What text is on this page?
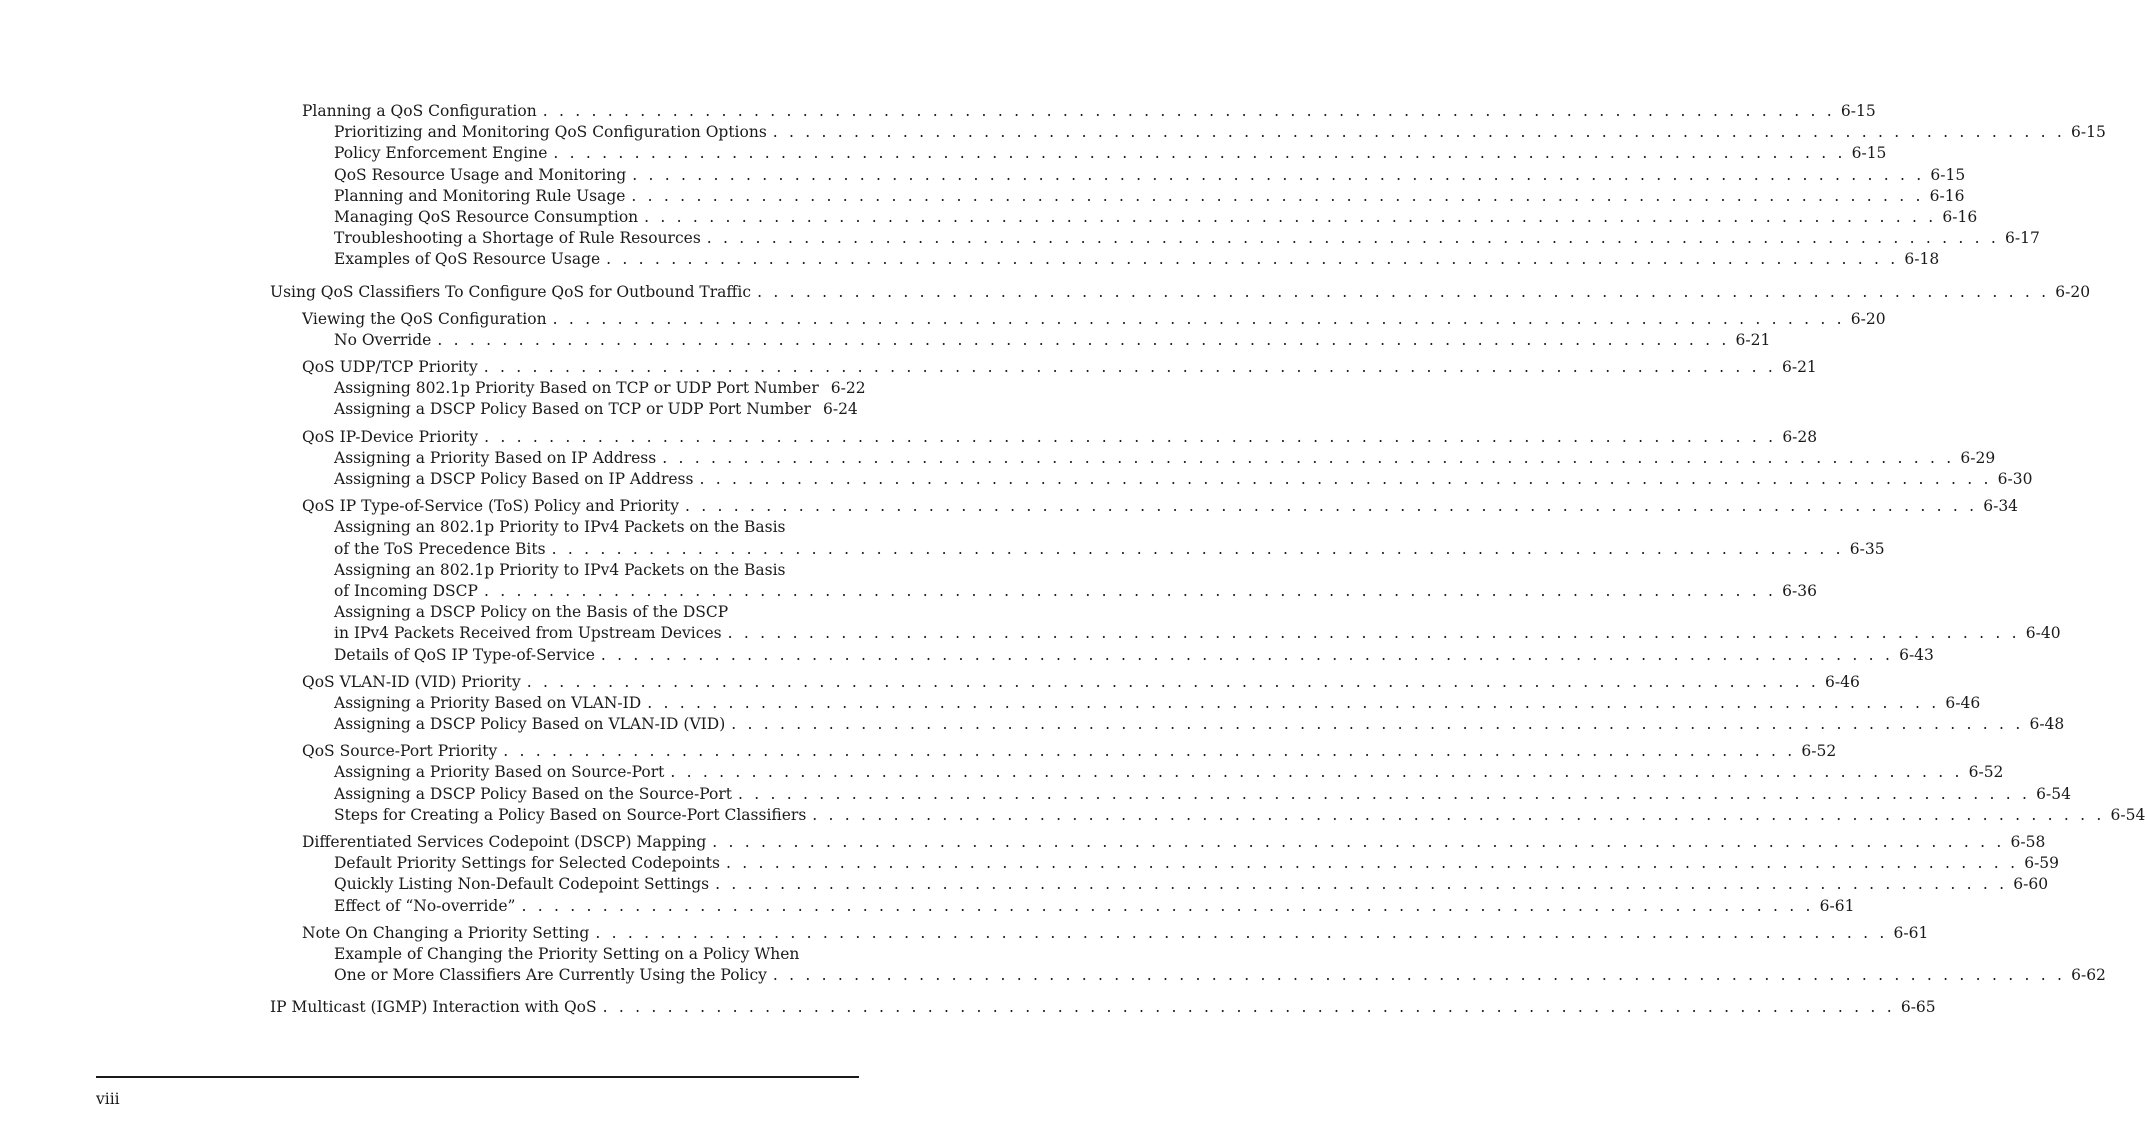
Planning a QoS Configuration . . . . . . . . . . . . . . . . . . . . . . . . . . . . . . . . . . . . . . . . . . . . . . . . . . . . . . . . . . . . . . . . . . . . . . . . . . . . . . . . 6-15
Prioritizing and Monitoring QoS Configuration Options . . . . . . . . . . . . . . . . . . . . . . . . . . . . . . . . . . . . . . . . . . . . . . . . . . . . . . . . . . . . . . . . . . . . . . . . . . . . . . . . 6-15
Policy Enforcement Engine . . . . . . . . . . . . . . . . . . . . . . . . . . . . . . . . . . . . . . . . . . . . . . . . . . . . . . . . . . . . . . . . . . . . . . . . . . . . . . . . 6-15
QoS Resource Usage and Monitoring . . . . . . . . . . . . . . . . . . . . . . . . . . . . . . . . . . . . . . . . . . . . . . . . . . . . . . . . . . . . . . . . . . . . . . . . . . . . . . . . 6-15
Planning and Monitoring Rule Usage . . . . . . . . . . . . . . . . . . . . . . . . . . . . . . . . . . . . . . . . . . . . . . . . . . . . . . . . . . . . . . . . . . . . . . . . . . . . . . . . 6-16
Managing QoS Resource Consumption . . . . . . . . . . . . . . . . . . . . . . . . . . . . . . . . . . . . . . . . . . . . . . . . . . . . . . . . . . . . . . . . . . . . . . . . . . . . . . . . 6-16
Troubleshooting a Shortage of Rule Resources . . . . . . . . . . . . . . . . . . . . . . . . . . . . . . . . . . . . . . . . . . . . . . . . . . . . . . . . . . . . . . . . . . . . . . . . . . . . . . . . 6-17
Examples of QoS Resource Usage . . . . . . . . . . . . . . . . . . . . . . . . . . . . . . . . . . . . . . . . . . . . . . . . . . . . . . . . . . . . . . . . . . . . . . . . . . . . . . . . 6-18
Using QoS Classifiers To Configure QoS for Outbound Traffic . . . . . . . . . . . . . . . . . . . . . . . . . . . . . . . . . . . . . . . . . . . . . . . . . . . . . . . . . . . . . . . . . . . . . . . . . . . . . . . . 6-20
Viewing the QoS Configuration . . . . . . . . . . . . . . . . . . . . . . . . . . . . . . . . . . . . . . . . . . . . . . . . . . . . . . . . . . . . . . . . . . . . . . . . . . . . . . . . 6-20
No Override . . . . . . . . . . . . . . . . . . . . . . . . . . . . . . . . . . . . . . . . . . . . . . . . . . . . . . . . . . . . . . . . . . . . . . . . . . . . . . . . 6-21
QoS UDP/TCP Priority . . . . . . . . . . . . . . . . . . . . . . . . . . . . . . . . . . . . . . . . . . . . . . . . . . . . . . . . . . . . . . . . . . . . . . . . . . . . . . . . 6-21
Assigning 802.1p Priority Based on TCP or UDP Port Number 6-22
Assigning a DSCP Policy Based on TCP or UDP Port Number 6-24
QoS IP-Device Priority . . . . . . . . . . . . . . . . . . . . . . . . . . . . . . . . . . . . . . . . . . . . . . . . . . . . . . . . . . . . . . . . . . . . . . . . . . . . . . . . 6-28
Assigning a Priority Based on IP Address . . . . . . . . . . . . . . . . . . . . . . . . . . . . . . . . . . . . . . . . . . . . . . . . . . . . . . . . . . . . . . . . . . . . . . . . . . . . . . . . 6-29
Assigning a DSCP Policy Based on IP Address . . . . . . . . . . . . . . . . . . . . . . . . . . . . . . . . . . . . . . . . . . . . . . . . . . . . . . . . . . . . . . . . . . . . . . . . . . . . . . . . 6-30
QoS IP Type-of-Service (ToS) Policy and Priority . . . . . . . . . . . . . . . . . . . . . . . . . . . . . . . . . . . . . . . . . . . . . . . . . . . . . . . . . . . . . . . . . . . . . . . . . . . . . . . . 6-34
Assigning an 802.1p Priority to IPv4 Packets on the Basis
of the ToS Precedence Bits . . . . . . . . . . . . . . . . . . . . . . . . . . . . . . . . . . . . . . . . . . . . . . . . . . . . . . . . . . . . . . . . . . . . . . . . . . . . . . . . 6-35
Assigning an 802.1p Priority to IPv4 Packets on the Basis
of Incoming DSCP . . . . . . . . . . . . . . . . . . . . . . . . . . . . . . . . . . . . . . . . . . . . . . . . . . . . . . . . . . . . . . . . . . . . . . . . . . . . . . . . 6-36
Assigning a DSCP Policy on the Basis of the DSCP
in IPv4 Packets Received from Upstream Devices . . . . . . . . . . . . . . . . . . . . . . . . . . . . . . . . . . . . . . . . . . . . . . . . . . . . . . . . . . . . . . . . . . . . . . . . . . . . . . . . 6-40
Details of QoS IP Type-of-Service . . . . . . . . . . . . . . . . . . . . . . . . . . . . . . . . . . . . . . . . . . . . . . . . . . . . . . . . . . . . . . . . . . . . . . . . . . . . . . . . 6-43
QoS VLAN-ID (VID) Priority . . . . . . . . . . . . . . . . . . . . . . . . . . . . . . . . . . . . . . . . . . . . . . . . . . . . . . . . . . . . . . . . . . . . . . . . . . . . . . . . 6-46
Assigning a Priority Based on VLAN-ID . . . . . . . . . . . . . . . . . . . . . . . . . . . . . . . . . . . . . . . . . . . . . . . . . . . . . . . . . . . . . . . . . . . . . . . . . . . . . . . . 6-46
Assigning a DSCP Policy Based on VLAN-ID (VID) . . . . . . . . . . . . . . . . . . . . . . . . . . . . . . . . . . . . . . . . . . . . . . . . . . . . . . . . . . . . . . . . . . . . . . . . . . . . . . . . 6-48
QoS Source-Port Priority . . . . . . . . . . . . . . . . . . . . . . . . . . . . . . . . . . . . . . . . . . . . . . . . . . . . . . . . . . . . . . . . . . . . . . . . . . . . . . . . 6-52
Assigning a Priority Based on Source-Port . . . . . . . . . . . . . . . . . . . . . . . . . . . . . . . . . . . . . . . . . . . . . . . . . . . . . . . . . . . . . . . . . . . . . . . . . . . . . . . . 6-52
Assigning a DSCP Policy Based on the Source-Port . . . . . . . . . . . . . . . . . . . . . . . . . . . . . . . . . . . . . . . . . . . . . . . . . . . . . . . . . . . . . . . . . . . . . . . . . . . . . . . . 6-54
Steps for Creating a Policy Based on Source-Port Classifiers . . . . . . . . . . . . . . . . . . . . . . . . . . . . . . . . . . . . . . . . . . . . . . . . . . . . . . . . . . . . . . . . . . . . . . . . . . . . . . . . 6-54
Differentiated Services Codepoint (DSCP) Mapping . . . . . . . . . . . . . . . . . . . . . . . . . . . . . . . . . . . . . . . . . . . . . . . . . . . . . . . . . . . . . . . . . . . . . . . . . . . . . . . . 6-58
Default Priority Settings for Selected Codepoints . . . . . . . . . . . . . . . . . . . . . . . . . . . . . . . . . . . . . . . . . . . . . . . . . . . . . . . . . . . . . . . . . . . . . . . . . . . . . . . . 6-59
Quickly Listing Non-Default Codepoint Settings . . . . . . . . . . . . . . . . . . . . . . . . . . . . . . . . . . . . . . . . . . . . . . . . . . . . . . . . . . . . . . . . . . . . . . . . . . . . . . . . 6-60
Effect of “No-override” . . . . . . . . . . . . . . . . . . . . . . . . . . . . . . . . . . . . . . . . . . . . . . . . . . . . . . . . . . . . . . . . . . . . . . . . . . . . . . . . 6-61
Note On Changing a Priority Setting . . . . . . . . . . . . . . . . . . . . . . . . . . . . . . . . . . . . . . . . . . . . . . . . . . . . . . . . . . . . . . . . . . . . . . . . . . . . . . . . 6-61
Example of Changing the Priority Setting on a Policy When
One or More Classifiers Are Currently Using the Policy . . . . . . . . . . . . . . . . . . . . . . . . . . . . . . . . . . . . . . . . . . . . . . . . . . . . . . . . . . . . . . . . . . . . . . . . . . . . . . . . 6-62
IP Multicast (IGMP) Interaction with QoS . . . . . . . . . . . . . . . . . . . . . . . . . . . . . . . . . . . . . . . . . . . . . . . . . . . . . . . . . . . . . . . . . . . . . . . . . . . . . . . . 6-65
viii
